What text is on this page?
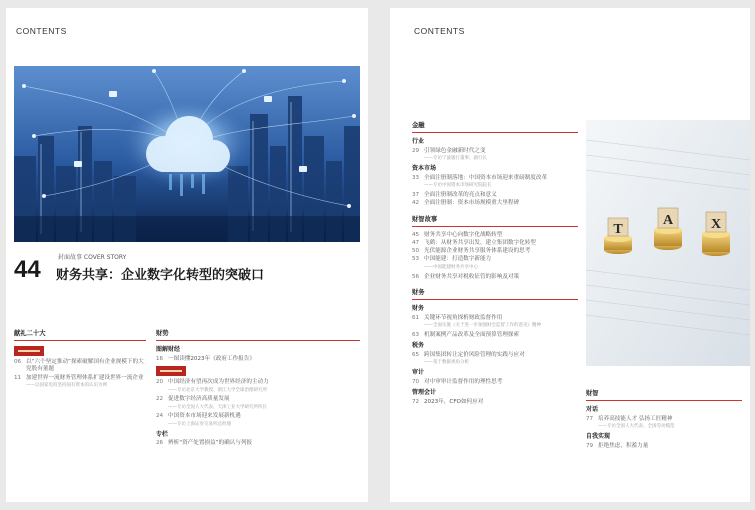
CONTENTS
封面故事 COVER STORY
44 财务共享：企业数字化转型的突破口
献礼二十大
06 以“六个坚定推动”探索破解国有企业规模下的大党股有董题
11 加建世界一流财务管理体系扩建设世界一流企业
——以国家电投坚持国有资本的认识为例
财势
图解财经
16 一图读懂2023年《政府工作报告》
20 中国经济有望再次成为世界经济的主动力
——专访北京大学教授、浙江大学全球治理研究所
22 促进数字经济高质量发展
——专访全国人大代表、天津工业大学研究所所长
24 中国资本市场迎来发展新机遇
——专访上海证券交易所总经理
专栏
26 辨析“资产处置损益”的确认与列报
CONTENTS
金融
行业
29 引领绿色金融新时代之变
——专访宁波银行董事、副行长
资本市场
33 全面注册制落地：中国资本市场迎来重磅制度改革
——专访中国资本市场研究院院长
37 全面注册制改革的亮点和意义
42 全面注册制：资本市场规模重大里程碑
财智故事
45 财务共享中心向数字化战略转型
47 飞鹤：从财务共享出发，建立集团数字化转型
50 光伏能源企业财务共享服务体系建设的思考
53 中国能建：打造数字新能力
——中国能建财务共享中心
56 企业财务共享对税收征管的影响及对策
财务
财务
61 关键环节视角探析财政监督作用
——全面实施《关于进一步加强财会监督工作的意见》精神
63 机制案例产品改革及全面预算管理探索
税务
65 跨国集团转让定价风险管理的实践与应对
——基于数据视角分析
审计
70 对中审审计监督作用的理性思考
管理会计
72 2023年，CFO如何应对
T
A	X
财智
对话
77 培养高技能人才 弘扬工匠精神
——专访全国人大代表、全国劳动模范
自我实现
79 拒绝焦虑，积蓄力量
